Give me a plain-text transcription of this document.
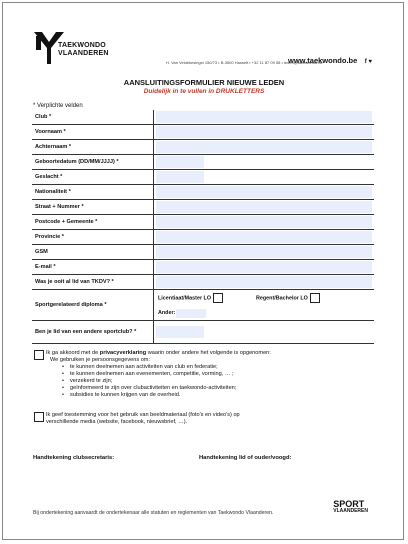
TAEKWONDO
VLAANDEREN
www.taekwondo.be f ♥
H. Van Veldekesingel 150/73 • B-3500 Hasselt • +32 11 87 09 58 • leden@taekwondo.be
AANSLUITINGSFORMULIER NIEUWE LEDEN
Duidelijk in te vullen in DRUKLETTERS
* Verplichte velden
Club *	

Voornaam *	

Achternaam *	

Geboortedatum (DD/MM/JJJJ) *	

Geslacht *	

Nationaliteit *	

Straat + Nummer *	

Postcode + Gemeente *	

Provincie *	

GSM	

E-mail *	

Was je ooit al lid van TKDV? *	

Sportgerelateerd diploma *	Licentiaat/Master LO Regent/Bachelor LO
Ander:

Ben je lid van een andere sportclub? *	

Ik ga akkoord met de privacyverklaring waarin onder andere het volgende is opgenomen:

We gebruiken je persoonsgegevens om:

• te kunnen deelnemen aan activiteiten van club en federatie;
• te kunnen deelnemen aan evenementen, competitie, vorming, … ;
• verzekerd te zijn;
• geïnformeerd te zijn over clubactiviteiten en taekwondo-activiteiten;
• subsidies te kunnen krijgen van de overheid.

Ik geef toestemming voor het gebruik van beeldmateriaal (foto's en video's) op

verschillende media (website, facebook, nieuwsbrief, …).

Handtekening clubsecretaris:	Handtekening lid of ouder/voogd:
Bij ondertekening aanvaardt de ondertekenaar alle statuten en reglementen van Taekwondo Vlaanderen.
SPORT
VLAANDEREN
